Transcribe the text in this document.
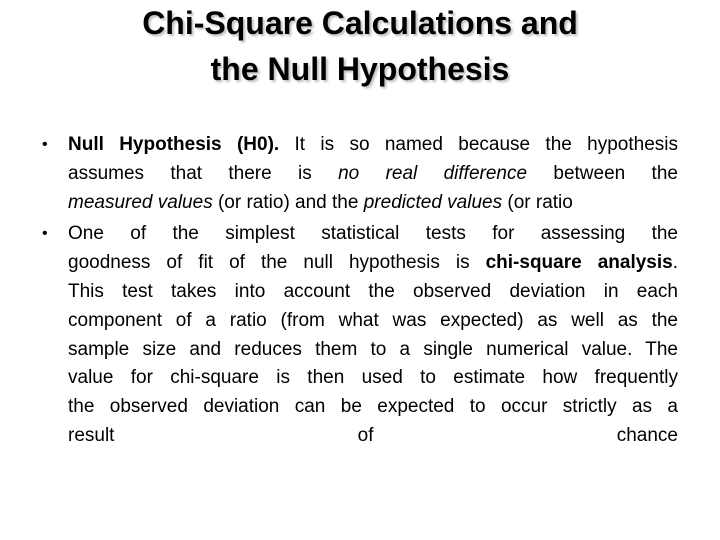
Chi-Square Calculations and
the Null Hypothesis
• Null Hypothesis (H0). It is so named because the hypothesis
assumes that there is no real difference between the
measured values (or ratio) and the predicted values (or ratio
• One of the simplest statistical tests for assessing the
goodness of fit of the null hypothesis is chi-square analysis.
This test takes into account the observed deviation in each
component of a ratio (from what was expected) as well as the
sample size and reduces them to a single numerical value. The
value for chi-square is then used to estimate how frequently
the observed deviation can be expected to occur strictly as a
result of chance
